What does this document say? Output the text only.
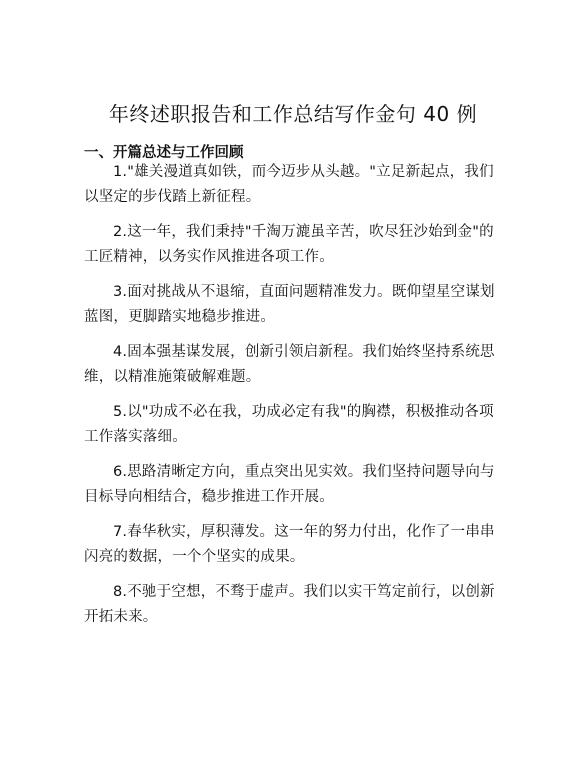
年终述职报告和工作总结写作金句 40 例
一、开篇总述与工作回顾

1."雄关漫道真如铁，而今迈步从头越。"立足新起点，我们以坚定的步伐踏上新征程。

2.这一年，我们秉持"千淘万漉虽辛苦，吹尽狂沙始到金"的工匠精神，以务实作风推进各项工作。

3.面对挑战从不退缩，直面问题精准发力。既仰望星空谋划蓝图，更脚踏实地稳步推进。

4.固本强基谋发展，创新引领启新程。我们始终坚持系统思维，以精准施策破解难题。

5.以"功成不必在我，功成必定有我"的胸襟，积极推动各项工作落实落细。

6.思路清晰定方向，重点突出见实效。我们坚持问题导向与目标导向相结合，稳步推进工作开展。

7.春华秋实，厚积薄发。这一年的努力付出，化作了一串串闪亮的数据，一个个坚实的成果。

8.不驰于空想，不骛于虚声。我们以实干笃定前行，以创新开拓未来。
